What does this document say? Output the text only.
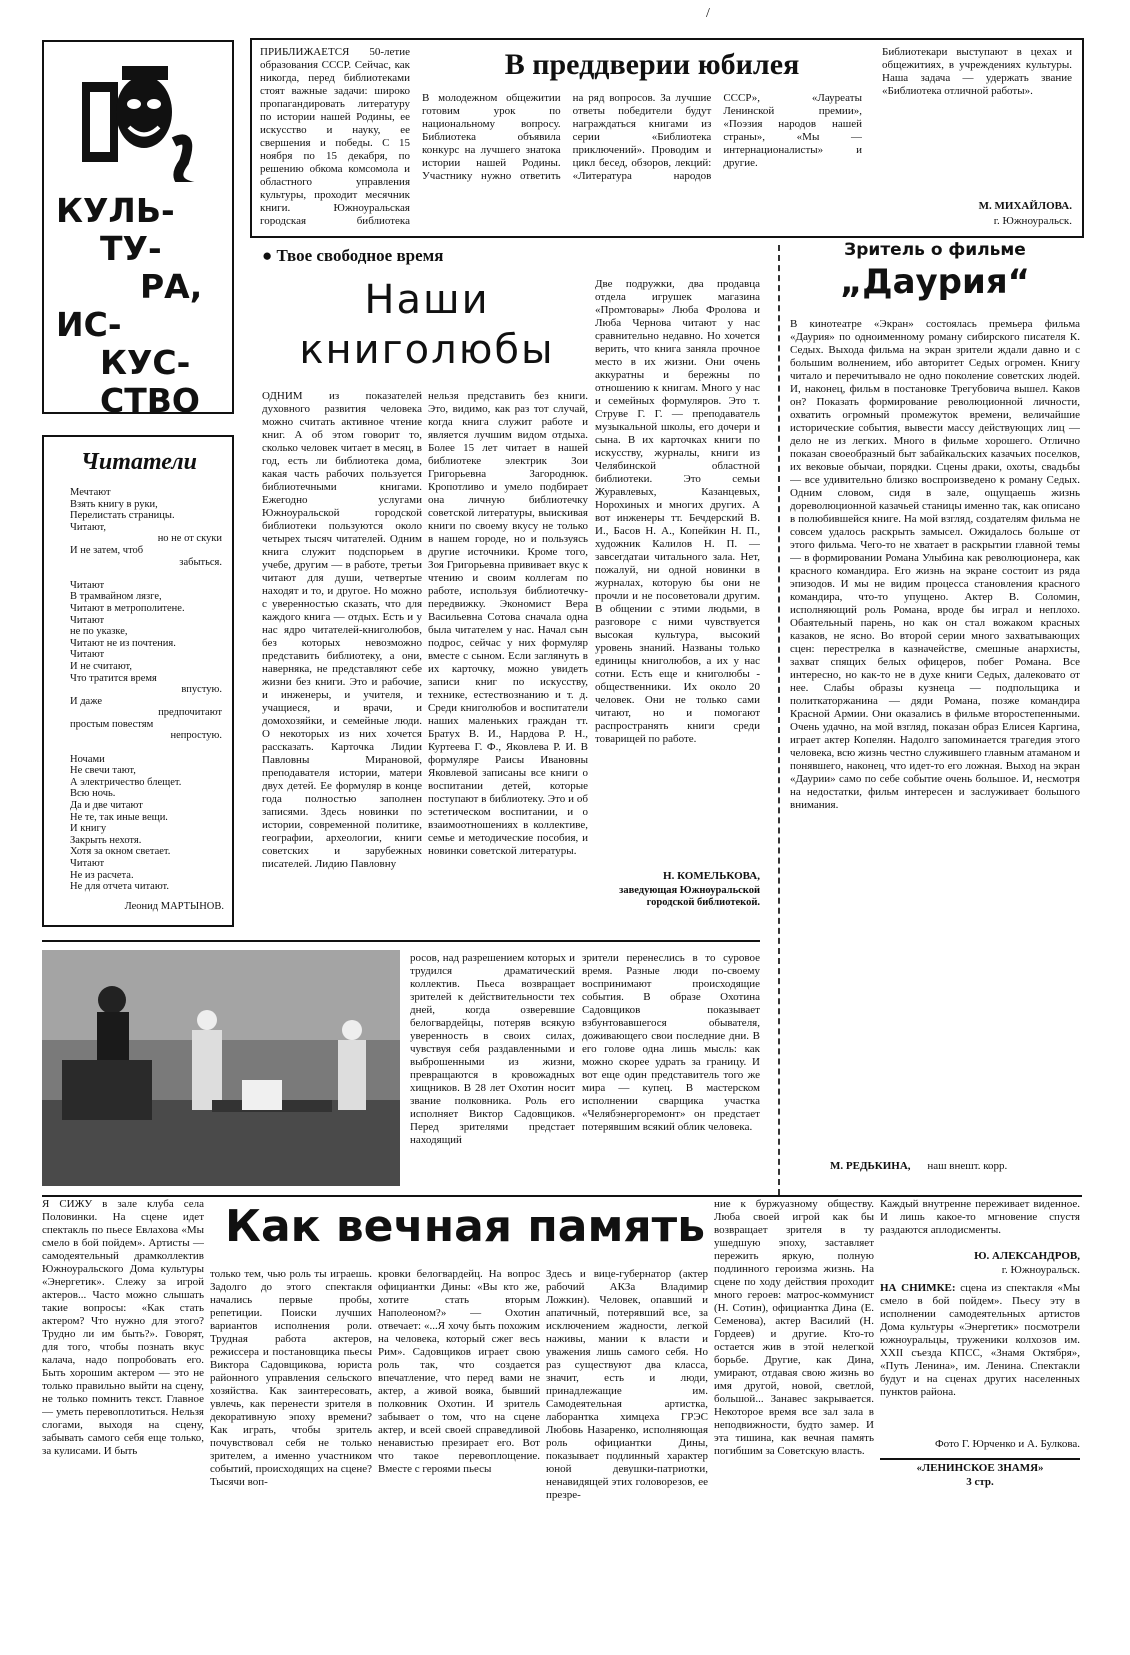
/
КУЛЬ-
ТУ-
РА,
ИС-
КУС-
СТВО
Ъ S	В преддверии юбилея
ПРИБЛИЖАЕТСЯ 50-летие образования СССР. Сейчас, как никогда, перед библиотеками стоят важные задачи: широко пропагандировать литературу по истории нашей Родины, ее искусство и науку, ее свершения и победы. С 15 ноября по 15 декабря, по решению обкома комсомола и областного управления культуры, проходит месячник книги. Южноуральская городская библиотека
В молодежном общежитии готовим урок по национальному вопросу. Библиотека объявила конкурс на лучшего знатока истории нашей Родины. Участнику нужно ответить на ряд вопросов. За лучшие ответы победители будут награждаться книгами из серии «Библиотека приключений». Проводим и цикл бесед, обзоров, лекций: «Литература народов СССР», «Лауреаты Ленинской премии», «Поэзия народов нашей страны», «Мы — интернационалисты» и другие.
Библиотекари выступают в цехах и общежитиях, в учреждениях культуры. Наша задача — удержать звание «Библиотека отличной работы».
М. МИХАЙЛОВА.
г. Южноуральск.
Читатели
Мечтают
Взять книгу в руки,
Перелистать страницы.
Читают,
но не от скуки
И не затем, чтоб
забыться.

Читают
В трамвайном лязге,
Читают в метрополитене.
Читают
не по указке,
Читают не из почтения.
Читают
И не считают,
Что тратится время
впустую.
И даже
предпочитают
простым повестям
непростую.

Ночами
Не свечи тают,
А электричество блещет.
Всю ночь.
Да и две читают
Не те, так иные вещи.
И книгу
Закрыть нехотя.
Хотя за окном светает.
Читают
Не из расчета.
Не для отчета читают.
Леонид МАРТЫНОВ.
● Твое свободное время
Наши
книголюбы
ОДНИМ из показателей духовного развития человека можно считать активное чтение книг. А об этом говорит то, сколько человек читает в месяц, в год, есть ли библиотека дома, какая часть рабочих пользуется библиотечными книгами. Ежегодно услугами Южноуральской городской библиотеки пользуются около четырех тысяч читателей. Одним книга служит подспорьем в учебе, другим — в работе, третьи читают для души, четвертые находят и то, и другое. Но можно с уверенностью сказать, что для каждого книга — отдых. Есть и у нас ядро читателей-книголюбов, без которых невозможно представить библиотеку, а они, наверняка, не представляют себе жизни без книги. Это и рабочие, и инженеры, и учителя, и учащиеся, и врачи, и домохозяйки, и семейные люди. О некоторых из них хочется рассказать. Карточка Лидии Павловны Мирановой, преподавателя истории, матери двух детей. Ее формуляр в конце года полностью заполнен записями. Здесь новинки по истории, современной политике, географии, археологии, книги советских и зарубежных писателей. Лидию Павловну
нельзя представить без книги. Это, видимо, как раз тот случай, когда книга служит работе и является лучшим видом отдыха. Более 15 лет читает в нашей библиотеке электрик Зои Григорьевна Загороднюк. Кропотливо и умело подбирает она личную библиотечку советской литературы, выискивая книги по своему вкусу не только в нашем городе, но и пользуясь другие источники. Кроме того, Зоя Григорьевна прививает вкус к чтению и своим коллегам по работе, используя библиотечку-передвижку. Экономист Вера Васильевна Сотова сначала одна была читателем у нас. Начал сын подрос, сейчас у них формуляр вместе с сыном. Если заглянуть в их карточку, можно увидеть записи книг по искусству, технике, естествознанию и т. д. Среди книголюбов и воспитатели наших маленьких граждан тт. Братух В. И., Нардова Р. Н., Куртеева Г. Ф., Яковлева Р. И. В формуляре Раисы Ивановны Яковлевой записаны все книги о воспитании детей, которые поступают в библиотеку. Это и об эстетическом воспитании, и о взаимоотношениях в коллективе, семье и методические пособия, и новинки советской литературы.
Две подружки, два продавца отдела игрушек магазина «Промтовары» Люба Фролова и Люба Чернова читают у нас сравнительно недавно. Но хочется верить, что книга заняла прочное место в их жизни. Они очень аккуратны и бережны по отношению к книгам. Много у нас и семейных формуляров. Это т. Струве Г. Г. — преподаватель музыкальной школы, его дочери и сына. В их карточках книги по искусству, журналы, книги из Челябинской областной библиотеки. Это семьи Журавлевых, Казанцевых, Норохиных и многих других. А вот инженеры тт. Бечдерский В. И., Басов Н. А., Копейкин Н. П., художник Калилов Н. П. — завсегдатаи читального зала. Нет, пожалуй, ни одной новинки в журналах, которую бы они не прочли и не посоветовали другим. В общении с этими людьми, в разговоре с ними чувствуется высокая культура, высокий уровень знаний. Названы только единицы книголюбов, а их у нас сотни. Есть еще и книголюбы - общественники. Их около 20 человек. Они не только сами читают, но и помогают распространять книги среди товарищей по работе.
Н. КОМЕЛЬКОВА,
заведующая Южноуральской городской библиотекой.
Зритель о фильме
„Даурия“
В кинотеатре «Экран» состоялась премьера фильма «Даурия» по одноименному роману сибирского писателя К. Седых. Выхода фильма на экран зрители ждали давно и с большим волнением, ибо авторитет Седых огромен. Книгу читало и перечитывало не одно поколение советских людей. И, наконец, фильм в постановке Трегубовича вышел. Каков он? Показать формирование революционной личности, охватить огромный промежуток времени, величайшие исторические события, вывести массу действующих лиц — дело не из легких. Много в фильме хорошего. Отлично показан своеобразный быт забайкальских казачьих поселков, их вековые обычаи, порядки. Сцены драки, охоты, свадьбы — все удивительно близко воспроизведено к роману Седых. Одним словом, сидя в зале, ощущаешь жизнь дореволюционной казачьей станицы именно так, как описано в полюбившейся книге. На мой взгляд, создателям фильма не совсем удалось раскрыть замысел. Ожидалось больше от этого фильма. Чего-то не хватает в раскрытии главной темы — в формировании Романа Улыбина как революционера, как красного командира. Его жизнь на экране состоит из ряда эпизодов. И мы не видим процесса становления красного командира, что-то упущено. Актер В. Соломин, исполняющий роль Романа, вроде бы играл и неплохо. Обаятельный парень, но как он стал вожаком красных казаков, не ясно. Во второй серии много захватывающих сцен: перестрелка в казначействе, смешные анархисты, захват спящих белых офицеров, побег Романа. Все интересно, но как-то не в духе книги Седых, далековато от нее. Слабы образы кузнеца — подпольщика и политкаторжанина — дяди Романа, позже командира Красной Армии. Они оказались в фильме второстепенными. Очень удачно, на мой взгляд, показан образ Елисея Каргина, играет актер Копелян. Надолго запоминается трагедия этого человека, всю жизнь честно служившего главным атаманом и понявшего, наконец, что идет-то его ложная. Выход на экран «Даурии» само по себе событие очень большое. И, несмотря на недостатки, фильм интересен и заслуживает большого внимания.
М. РЕДЬКИНА, наш внешт. корр.
росов, над разрешением которых и трудился драматический коллектив. Пьеса возвращает зрителей к действительности тех дней, когда озверевшие белогвардейцы, потеряв всякую уверенность в своих силах, чувствуя себя раздавленными и выброшенными из жизни, превращаются в кровожадных хищников. В 28 лет Охотин носит звание полковника. Роль его исполняет Виктор Садовщиков. Перед зрителями предстает находящий
зрители перенеслись в то суровое время. Разные люди по-своему воспринимают происходящие события. В образе Охотина Садовщиков показывает взбунтовавшегося обывателя, доживающего свои последние дни. В его голове одна лишь мысль: как можно скорее удрать за границу. И вот еще один представитель того же мира — купец. В мастерском исполнении сварщика участка «Челябэнергоремонт» он предстает потерявшим всякий облик человека.
Как вечная память
Я СИЖУ в зале клуба села Половинки. На сцене идет спектакль по пьесе Евлахова «Мы смело в бой пойдем». Артисты — самодеятельный драмколлектив Южноуральского Дома культуры «Энергетик». Слежу за игрой актеров... Часто можно слышать такие вопросы: «Как стать актером? Что нужно для этого? Трудно ли им быть?». Говорят, для того, чтобы познать вкус калача, надо попробовать его. Быть хорошим актером — это не только правильно выйти на сцену, не только помнить текст. Главное — уметь перевоплотиться. Нельзя слогами, выходя на сцену, забывать самого себя еще только, за кулисами. И быть
только тем, чью роль ты играешь. Задолго до этого спектакля начались первые пробы, репетиции. Поиски лучших вариантов исполнения роли. Трудная работа актеров, режиссера и постановщика пьесы Виктора Садовщикова, юриста районного управления сельского хозяйства. Как заинтересовать, увлечь, как перенести зрителя в декоративную эпоху времени? Как играть, чтобы зритель почувствовал себя не только зрителем, а именно участником событий, происходящих на сцене? Тысячи воп-
кровки белогвардейц. На вопрос официантки Дины: «Вы кто же, хотите стать вторым Наполеоном?» — Охотин отвечает: «...Я хочу быть похожим на человека, который сжег весь Рим». Садовщиков играет свою роль так, что создается впечатление, что перед вами не актер, а живой вояка, бывший полковник Охотин. И зритель забывает о том, что на сцене актер, и всей своей справедливой ненавистью презирает его. Вот что такое перевоплощение. Вместе с героями пьесы
Здесь и вице-губернатор (актер рабочий АКЗа Владимир Ложкин). Человек, опавший и апатичный, потерявший все, за исключением жадности, легкой наживы, мании к власти и уважения лишь самого себя. Но раз существуют два класса, значит, есть и люди, принадлежащие им. Самодеятельная артистка, лаборантка химцеха ГРЭС Любовь Назаренко, исполняющая роль официантки Дины, показывает подлинный характер юной девушки-патриотки, ненавидящей этих головорезов, ее презре-
ние к буржуазному обществу. Люба своей игрой как бы возвращает зрителя в ту ушедшую эпоху, заставляет пережить яркую, полную подлинного героизма жизнь. На сцене по ходу действия проходит много героев: матрос-коммунист (Н. Сотин), официантка Дина (Е. Семенова), актер Василий (Н. Гордеев) и другие. Кто-то остается жив в этой нелегкой борьбе. Другие, как Дина, умирают, отдавая свою жизнь во имя другой, новой, светлой, большой... Занавес закрывается. Некоторое время все зал зала в неподвижности, будто замер. И эта тишина, как вечная память погибшим за Советскую власть.
Каждый внутренне переживает виденное. И лишь какое-то мгновение спустя раздаются аплодисменты.
Ю. АЛЕКСАНДРОВ,
г. Южноуральск.
НА СНИМКЕ: сцена из спектакля «Мы смело в бой пойдем». Пьесу эту в исполнении самодеятельных артистов Дома культуры «Энергетик» посмотрели южноуральцы, труженики колхозов им. XXII съезда КПСС, «Знамя Октября», «Путь Ленина», им. Ленина. Спектакли будут и на сценах других населенных пунктов района.
Фото Г. Юрченко и А. Булкова.
«ЛЕНИНСКОЕ ЗНАМЯ»
3 стр.
